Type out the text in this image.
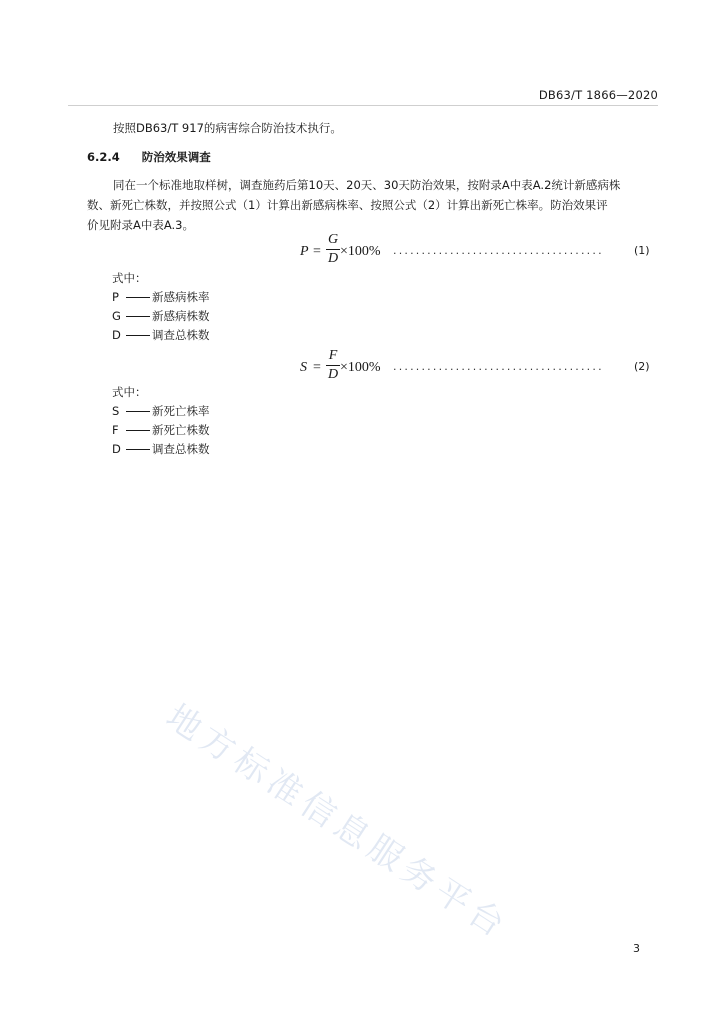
DB63/T 1866—2020
按照DB63/T 917的病害综合防治技术执行。
6.2.4 防治效果调查
同在一个标准地取样树，调查施药后第10天、20天、30天防治效果，按附录A中表A.2统计新感病株
数、新死亡株数，并按照公式（1）计算出新感病株率、按照公式（2）计算出新死亡株率。防治效果评
价见附录A中表A.3。
P =
G
D ×100% .....................................	(1)
式中：
P	新感病株率
G	新感病株数
D	调查总株数
S =
F
D ×100% .....................................	(2)
式中：
S	新死亡株率
F	新死亡株数
D	调查总株数
地方标准信息服务平台
3
